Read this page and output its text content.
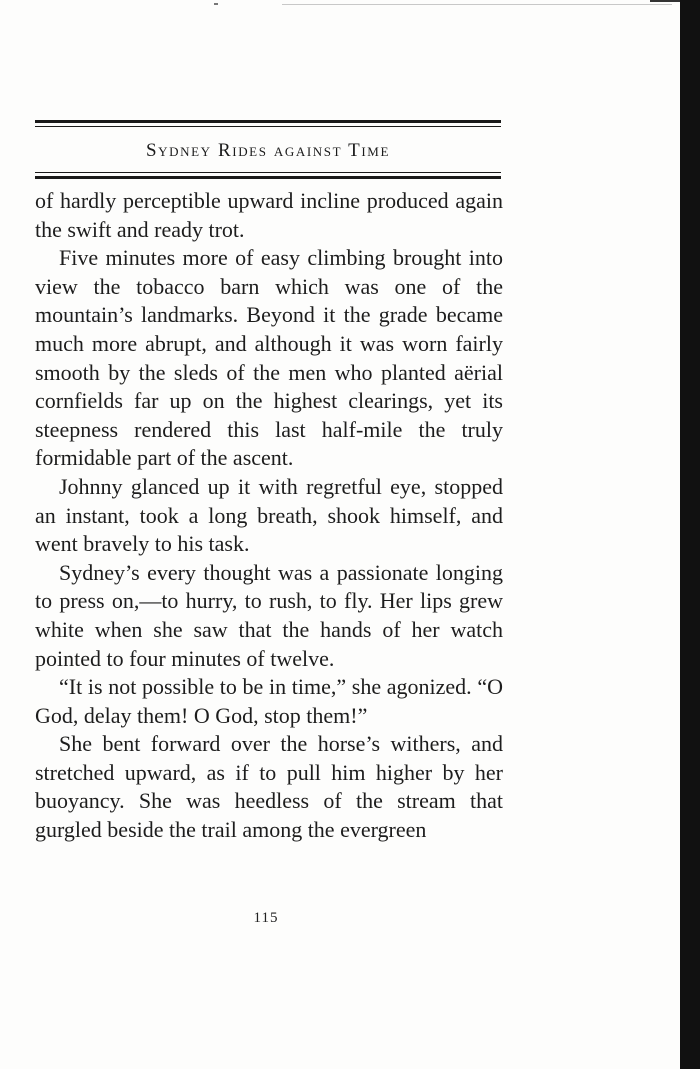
Sydney Rides against Time

of hardly perceptible upward incline produced again the swift and ready trot.

Five minutes more of easy climbing brought into view the tobacco barn which was one of the mountain’s landmarks. Beyond it the grade became much more abrupt, and although it was worn fairly smooth by the sleds of the men who planted aërial cornfields far up on the highest clearings, yet its steepness rendered this last half-mile the truly formidable part of the ascent.

Johnny glanced up it with regretful eye, stopped an instant, took a long breath, shook himself, and went bravely to his task.

Sydney’s every thought was a passionate longing to press on,—to hurry, to rush, to fly. Her lips grew white when she saw that the hands of her watch pointed to four minutes of twelve.

“It is not possible to be in time,” she agonized. “O God, delay them! O God, stop them!”

She bent forward over the horse’s withers, and stretched upward, as if to pull him higher by her buoyancy. She was heedless of the stream that gurgled beside the trail among the evergreen

115
